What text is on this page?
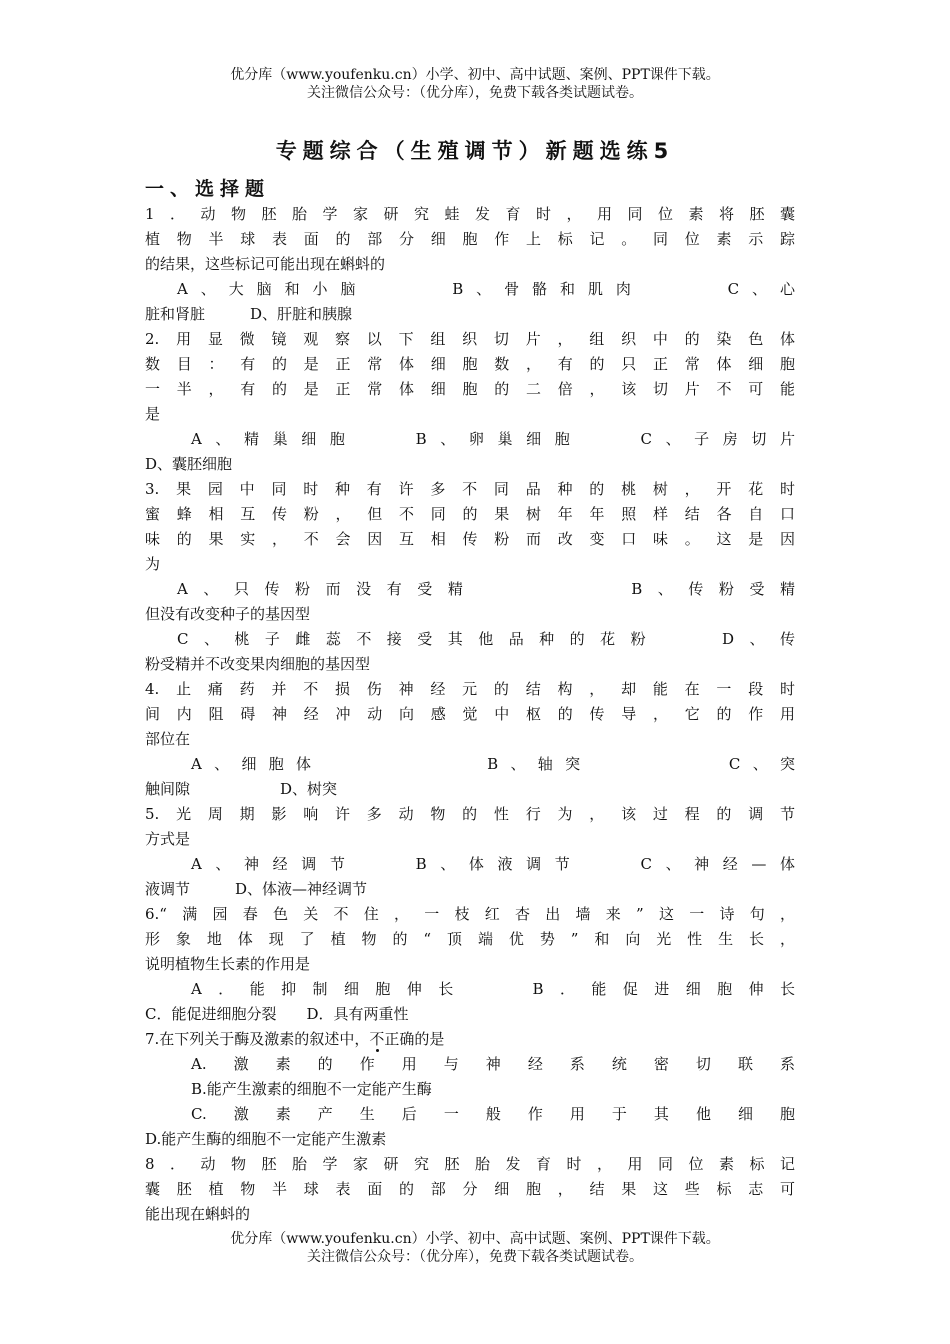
优分库（www.youfenku.cn）小学、初中、高中试题、案例、PPT课件下载。
关注微信公众号：（优分库），免费下载各类试题试卷。
专题综合（生殖调节）新题选练5
一、选择题
1．动物胚胎学家研究蛙发育时，用同位素将胚囊
植物半球表面的部分细胞作上标记。同位素示踪
的结果，这些标记可能出现在蝌蚪的
A、大脑和小脑　　　B、骨骼和肌肉　　　C、心
脏和肾脏　　　D、肝脏和胰腺
2.用显微镜观察以下组织切片，组织中的染色体
数目：有的是正常体细胞数，有的只正常体细胞
一半，有的是正常体细胞的二倍，该切片不可能
是
A、精巢细胞　　B、卵巢细胞　　C、子房切片
D、囊胚细胞
3.果园中同时种有许多不同品种的桃树，开花时
蜜蜂相互传粉，但不同的果树年年照样结各自口
味的果实，不会因互相传粉而改变口味。这是因
为
A、只传粉而没有受精　　　　　B、传粉受精
但没有改变种子的基因型
C、桃子雌蕊不接受其他品种的花粉　　D、传
粉受精并不改变果肉细胞的基因型
4.止痛药并不损伤神经元的结构，却能在一段时
间内阻碍神经冲动向感觉中枢的传导，它的作用
部位在
A、细胞体　　　　　　B、轴突　　　　　C、突
触间隙　　　　　　D、树突
5.光周期影响许多动物的性行为，该过程的调节
方式是
A、神经调节　　B、体液调节　　C、神经—体
液调节　　　D、体液—神经调节
6.“满园春色关不住，一枝红杏出墙来”这一诗句，
形象地体现了植物的“顶端优势”和向光性生长，
说明植物生长素的作用是
A．能抑制细胞伸长　　B．能促进细胞伸长
C．能促进细胞分裂　　D．具有两重性
7.在下列关于酶及激素的叙述中，不正确的是
A.激素的作用与神经系统密切联系
B.能产生激素的细胞不一定能产生酶
C.激素产生后一般作用于其他细胞
D.能产生酶的细胞不一定能产生激素
8．动物胚胎学家研究胚胎发育时，用同位素标记
囊胚植物半球表面的部分细胞，结果这些标志可
能出现在蝌蚪的
优分库（www.youfenku.cn）小学、初中、高中试题、案例、PPT课件下载。
关注微信公众号：（优分库），免费下载各类试题试卷。
